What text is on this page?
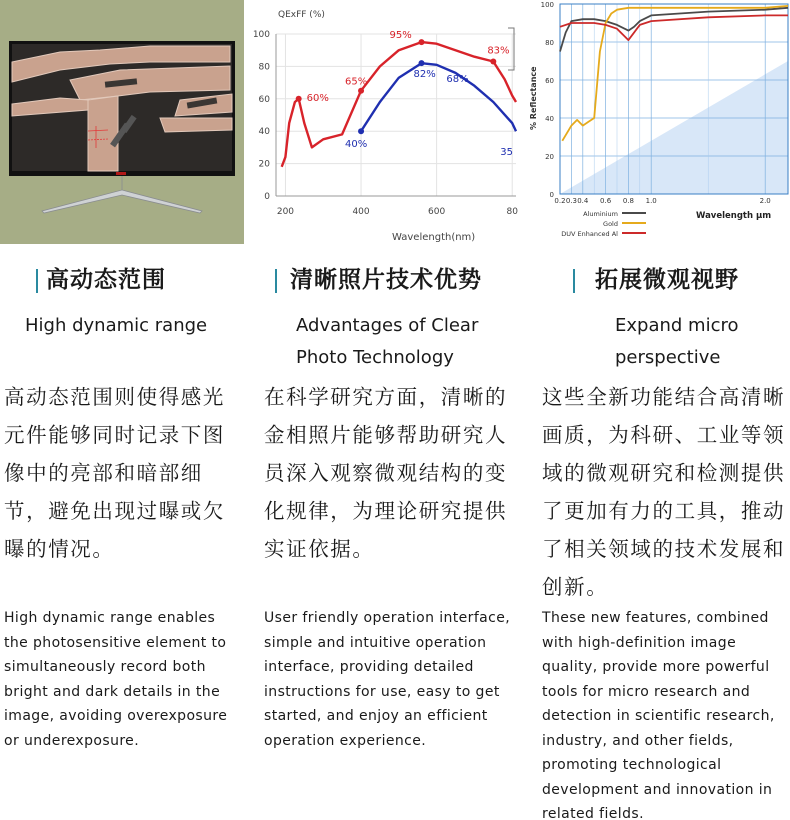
QExFF (%)
Wavelength(nm)
100
80
60
40
20
0
200	400	600	80
60%
65%
95%
83%
40%
82% 68%
35
% Reflectance
Wavelength μm
100
80
60
40
20
0
0.2 0.3 0.4 0.6 0.8 1.0	2.0
Aluminium
Gold
DUV Enhanced Al
高动态范围
High dynamic range
高动态范围则使得感光元件能够同时记录下图像中的亮部和暗部细节，避免出现过曝或欠曝的情况。
High dynamic range enables the photosensitive element to simultaneously record both bright and dark details in the image, avoiding overexposure or underexposure.
清晰照片技术优势
Advantages of Clear Photo Technology
在科学研究方面，清晰的金相照片能够帮助研究人员深入观察微观结构的变化规律，为理论研究提供实证依据。
User friendly operation interface, simple and intuitive operation interface, providing detailed instructions for use, easy to get started, and enjoy an efficient operation experience.
拓展微观视野
Expand micro perspective
这些全新功能结合高清晰画质，为科研、工业等领域的微观研究和检测提供了更加有力的工具，推动了相关领域的技术发展和创新。
These new features, combined with high-definition image quality, provide more powerful tools for micro research and detection in scientific research, industry, and other fields, promoting technological development and innovation in related fields.
